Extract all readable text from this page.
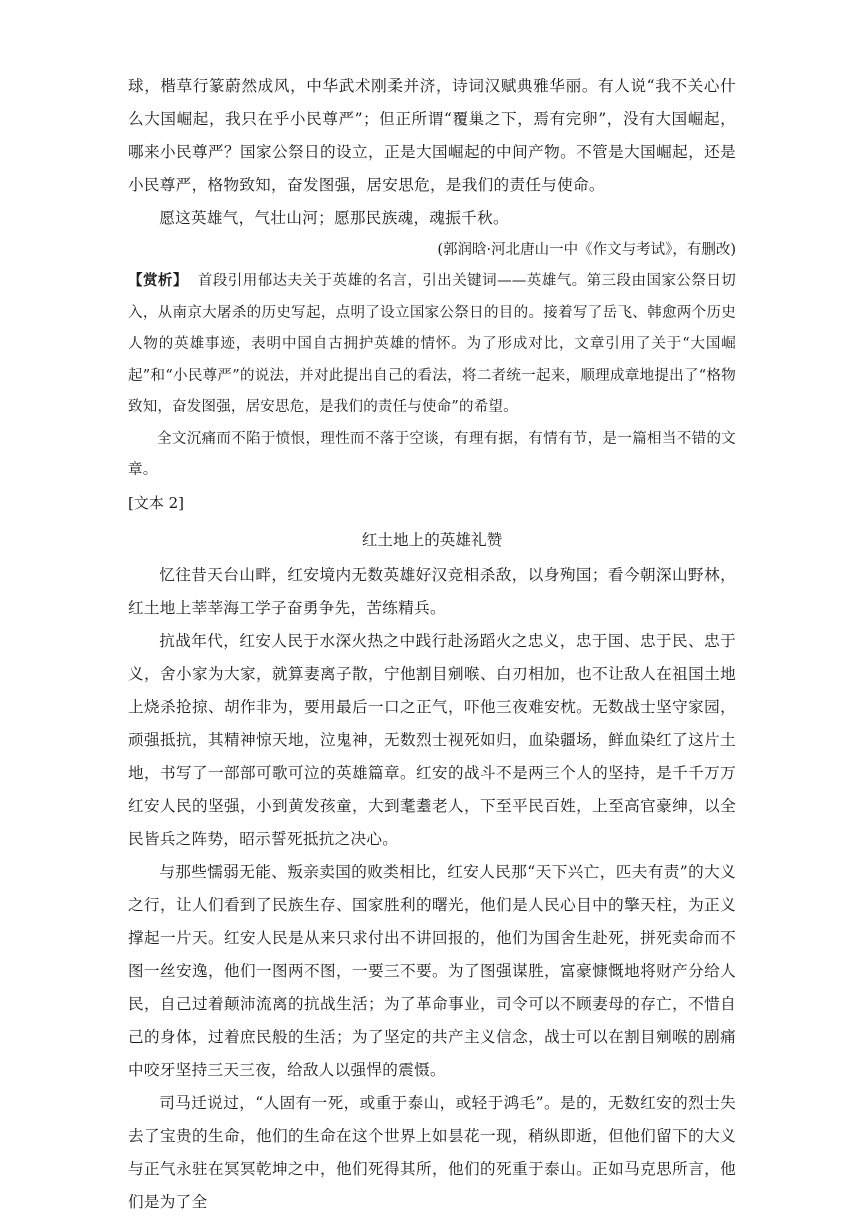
球，楷草行篆蔚然成风，中华武术刚柔并济，诗词汉赋典雅华丽。有人说“我不关心什么大国崛起，我只在乎小民尊严”；但正所谓“覆巢之下，焉有完卵”，没有大国崛起，哪来小民尊严？国家公祭日的设立，正是大国崛起的中间产物。不管是大国崛起，还是小民尊严，格物致知，奋发图强，居安思危，是我们的责任与使命。

愿这英雄气，气壮山河；愿那民族魂，魂振千秋。

(郭润晗·河北唐山一中《作文与考试》，有删改)

【赏析】 首段引用郁达夫关于英雄的名言，引出关键词——英雄气。第三段由国家公祭日切入，从南京大屠杀的历史写起，点明了设立国家公祭日的目的。接着写了岳飞、韩愈两个历史人物的英雄事迹，表明中国自古拥护英雄的情怀。为了形成对比，文章引用了关于“大国崛起”和“小民尊严”的说法，并对此提出自己的看法，将二者统一起来，顺理成章地提出了“格物致知，奋发图强，居安思危，是我们的责任与使命”的希望。

全文沉痛而不陷于愤恨，理性而不落于空谈，有理有据，有情有节，是一篇相当不错的文章。

[文本 2]
红土地上的英雄礼赞

忆往昔天台山畔，红安境内无数英雄好汉竞相杀敌，以身殉国；看今朝深山野林，红土地上莘莘海工学子奋勇争先，苦练精兵。

抗战年代，红安人民于水深火热之中践行赴汤蹈火之忠义，忠于国、忠于民、忠于义，舍小家为大家，就算妻离子散，宁他割目剜喉、白刃相加，也不让敌人在祖国土地上烧杀抢掠、胡作非为，要用最后一口之正气，吓他三夜难安枕。无数战士坚守家园，顽强抵抗，其精神惊天地，泣鬼神，无数烈士视死如归，血染疆场，鲜血染红了这片土地，书写了一部部可歌可泣的英雄篇章。红安的战斗不是两三个人的坚持，是千千万万红安人民的坚强，小到黄发孩童，大到耄耋老人，下至平民百姓，上至高官豪绅，以全民皆兵之阵势，昭示誓死抵抗之决心。

与那些懦弱无能、叛亲卖国的败类相比，红安人民那“天下兴亡，匹夫有责”的大义之行，让人们看到了民族生存、国家胜利的曙光，他们是人民心目中的擎天柱，为正义撑起一片天。红安人民是从来只求付出不讲回报的，他们为国舍生赴死，拼死卖命而不图一丝安逸，他们一图两不图，一要三不要。为了图强谋胜，富豪慷慨地将财产分给人民，自己过着颠沛流离的抗战生活；为了革命事业，司令可以不顾妻母的存亡，不惜自己的身体，过着庶民般的生活；为了坚定的共产主义信念，战士可以在割目剜喉的剧痛中咬牙坚持三天三夜，给敌人以强悍的震慑。

司马迁说过，“人固有一死，或重于泰山，或轻于鸿毛”。是的，无数红安的烈士失去了宝贵的生命，他们的生命在这个世界上如昙花一现，稍纵即逝，但他们留下的大义与正气永驻在冥冥乾坤之中，他们死得其所，他们的死重于泰山。正如马克思所言，他们是为了全
